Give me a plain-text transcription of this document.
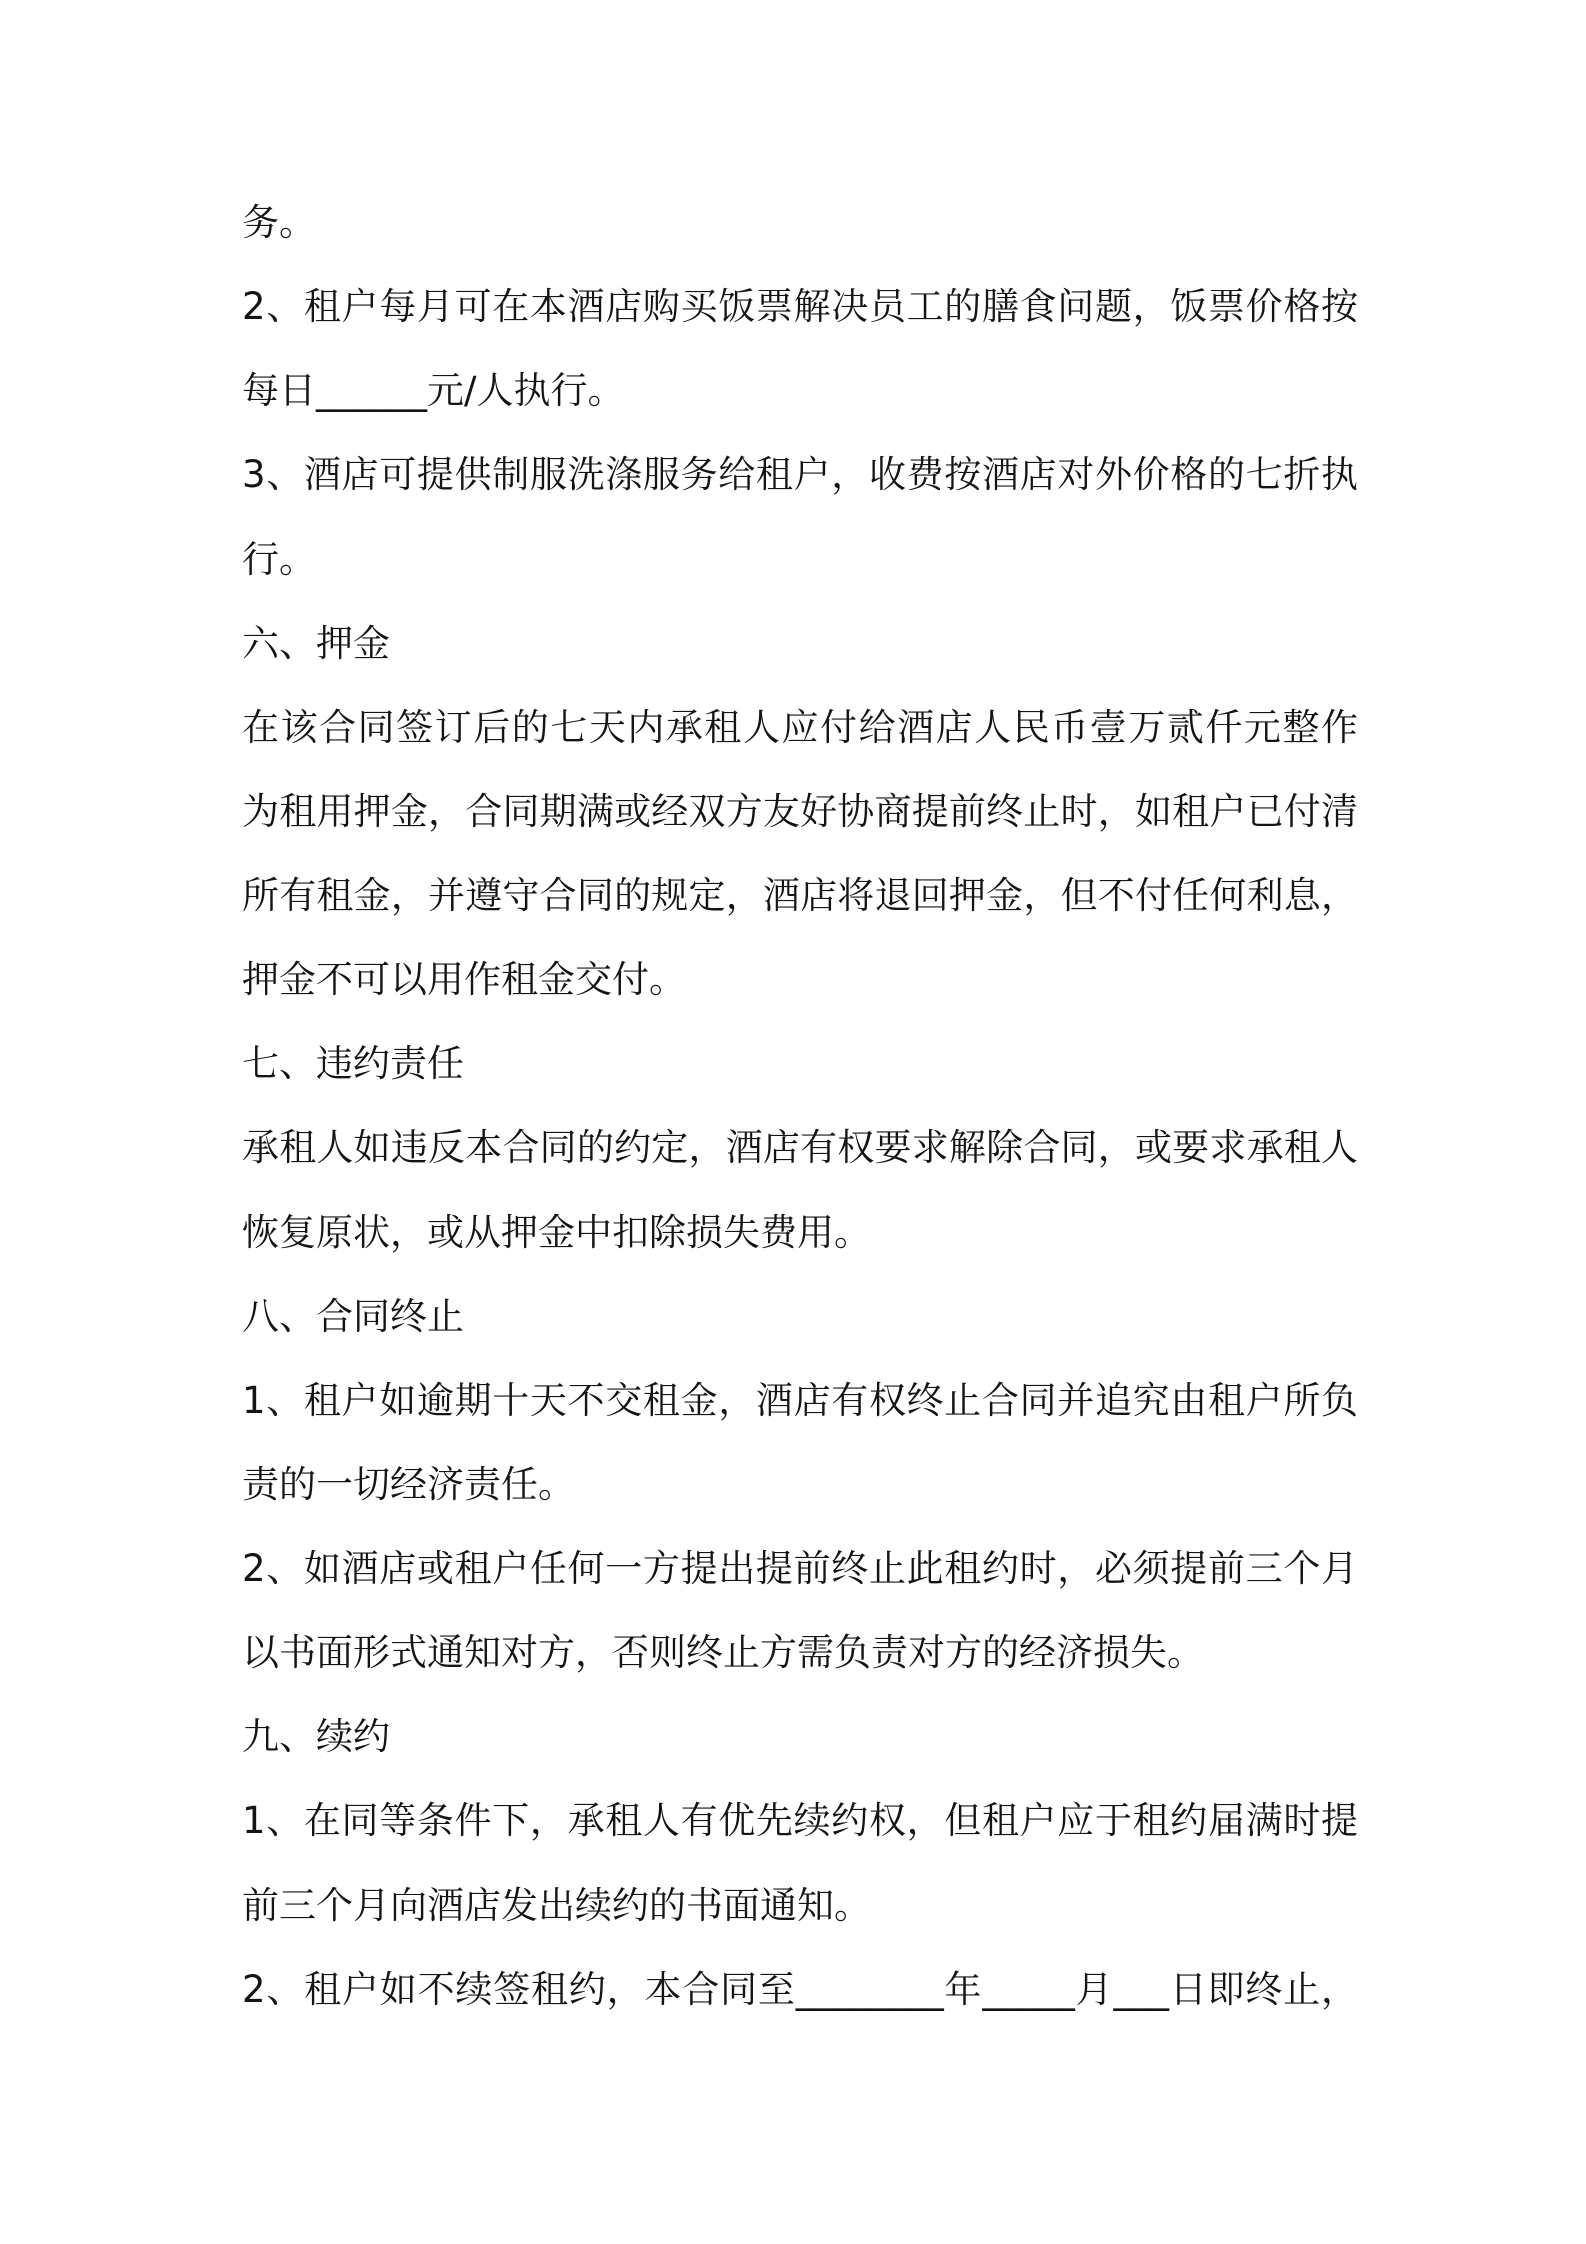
务。
2、租户每月可在本酒店购买饭票解决员工的膳食问题，饭票价格按
每日______元/人执行。
3、酒店可提供制服洗涤服务给租户，收费按酒店对外价格的七折执
行。
六、押金
在该合同签订后的七天内承租人应付给酒店人民币壹万贰仟元整作
为租用押金，合同期满或经双方友好协商提前终止时，如租户已付清
所有租金，并遵守合同的规定，酒店将退回押金，但不付任何利息，
押金不可以用作租金交付。
七、违约责任
承租人如违反本合同的约定，酒店有权要求解除合同，或要求承租人
恢复原状，或从押金中扣除损失费用。
八、合同终止
1、租户如逾期十天不交租金，酒店有权终止合同并追究由租户所负
责的一切经济责任。
2、如酒店或租户任何一方提出提前终止此租约时，必须提前三个月
以书面形式通知对方，否则终止方需负责对方的经济损失。
九、续约
1、在同等条件下，承租人有优先续约权，但租户应于租约届满时提
前三个月向酒店发出续约的书面通知。
2、租户如不续签租约，本合同至________年_____月___日即终止，
